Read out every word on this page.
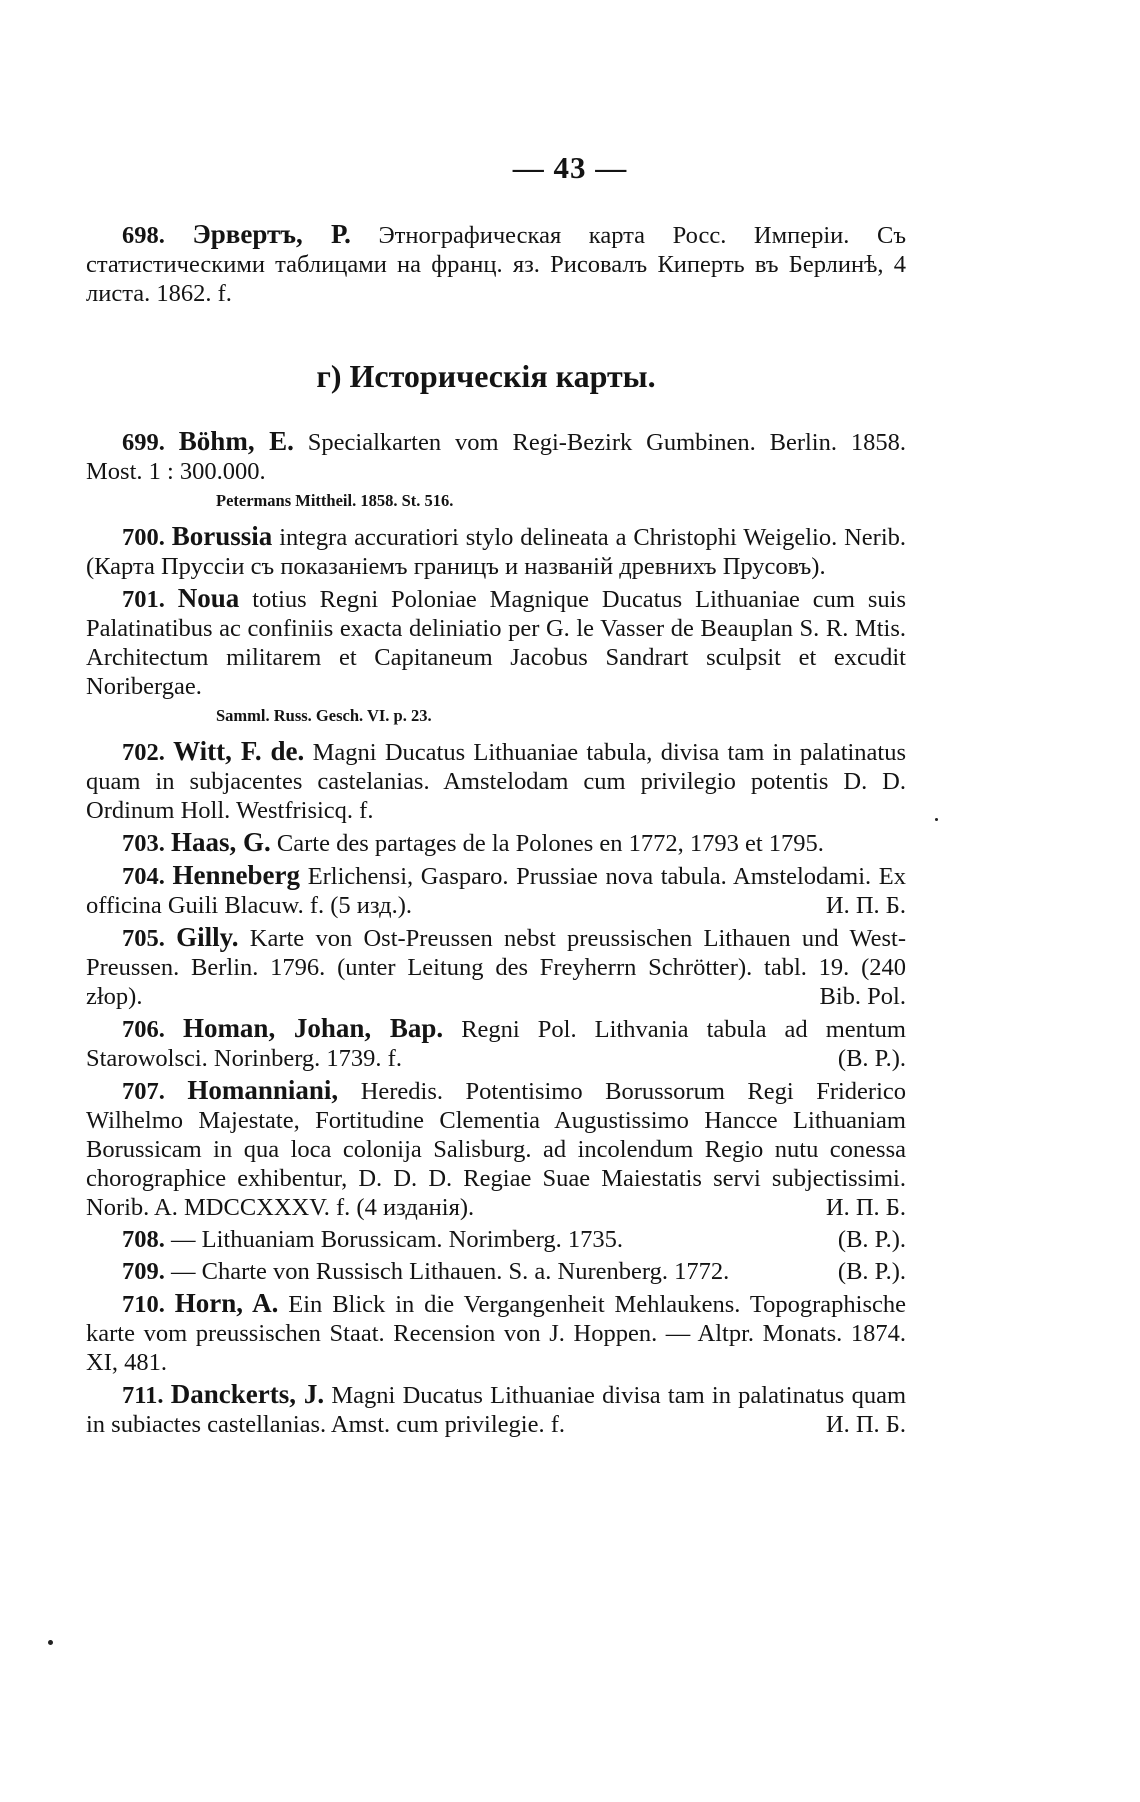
— 43 —

698. Эрвертъ, Р. Этнографическая карта Росс. Имперіи. Съ статистическими таблицами на франц. яз. Рисовалъ Киперть въ Берлинѣ, 4 листа. 1862. f.

г) Историческія карты.

699. Böhm, E. Specialkarten vom Regi-Bezirk Gumbinen. Berlin. 1858. Most. 1 : 300.000.

Petermans Mittheil. 1858. St. 516.

700. Borussia integra accuratiori stylo delineata a Christophi Weigelio. Nerib. (Карта Пруссіи съ показаніемъ границъ и названій древнихъ Прусовъ).

701. Noua totius Regni Poloniae Magnique Ducatus Lithuaniae cum suis Palatinatibus ac confiniis exacta deliniatio per G. le Vasser de Beauplan S. R. Mtis. Architectum militarem et Capitaneum Jacobus Sandrart sculpsit et excudit Noribergae.

Samml. Russ. Gesch. VI. p. 23.

702. Witt, F. de. Magni Ducatus Lithuaniae tabula, divisa tam in palatinatus quam in subjacentes castelanias. Amstelodam cum privilegio potentis D. D. Ordinum Holl. Westfrisicq. f.

703. Haas, G. Carte des partages de la Polones en 1772, 1793 et 1795.

704. Henneberg Erlichensi, Gasparo. Prussiae nova tabula. Amstelodami. Ex officina Guili Blacuw. f. (5 изд.).	И. П. Б.

705. Gilly. Karte von Ost-Preussen nebst preussischen Lithauen und West-Preussen. Berlin. 1796. (unter Leitung des Freyherrn Schrötter). tabl. 19. (240 złop).	Bib. Pol.

706. Homan, Johan, Bap. Regni Pol. Lithvania tabula ad mentum Starowolsci. Norinberg. 1739. f.	(B. P.).

707. Homanniani, Heredis. Potentisimo Borussorum Regi Friderico Wilhelmo Majestate, Fortitudine Clementia Augustissimo Hancce Lithuaniam Borussicam in qua loca colonija Salisburg. ad incolendum Regio nutu conessa chorographice exhibentur, D. D. D. Regiae Suae Maiestatis servi subjectissimi. Norib. A. MDCCXXXV. f. (4 изданія).	И. П. Б.

708. — Lithuaniam Borussicam. Norimberg. 1735.	(B. P.).

709. — Charte von Russisch Lithauen. S. a. Nurenberg. 1772.	(B. P.).

710. Horn, A. Ein Blick in die Vergangenheit Mehlaukens. Topographische karte vom preussischen Staat. Recension von J. Hoppen. — Altpr. Monats. 1874. XI, 481.

711. Danckerts, J. Magni Ducatus Lithuaniae divisa tam in palatinatus quam in subiactes castellanias. Amst. cum privilegie. f.	И. П. Б.
